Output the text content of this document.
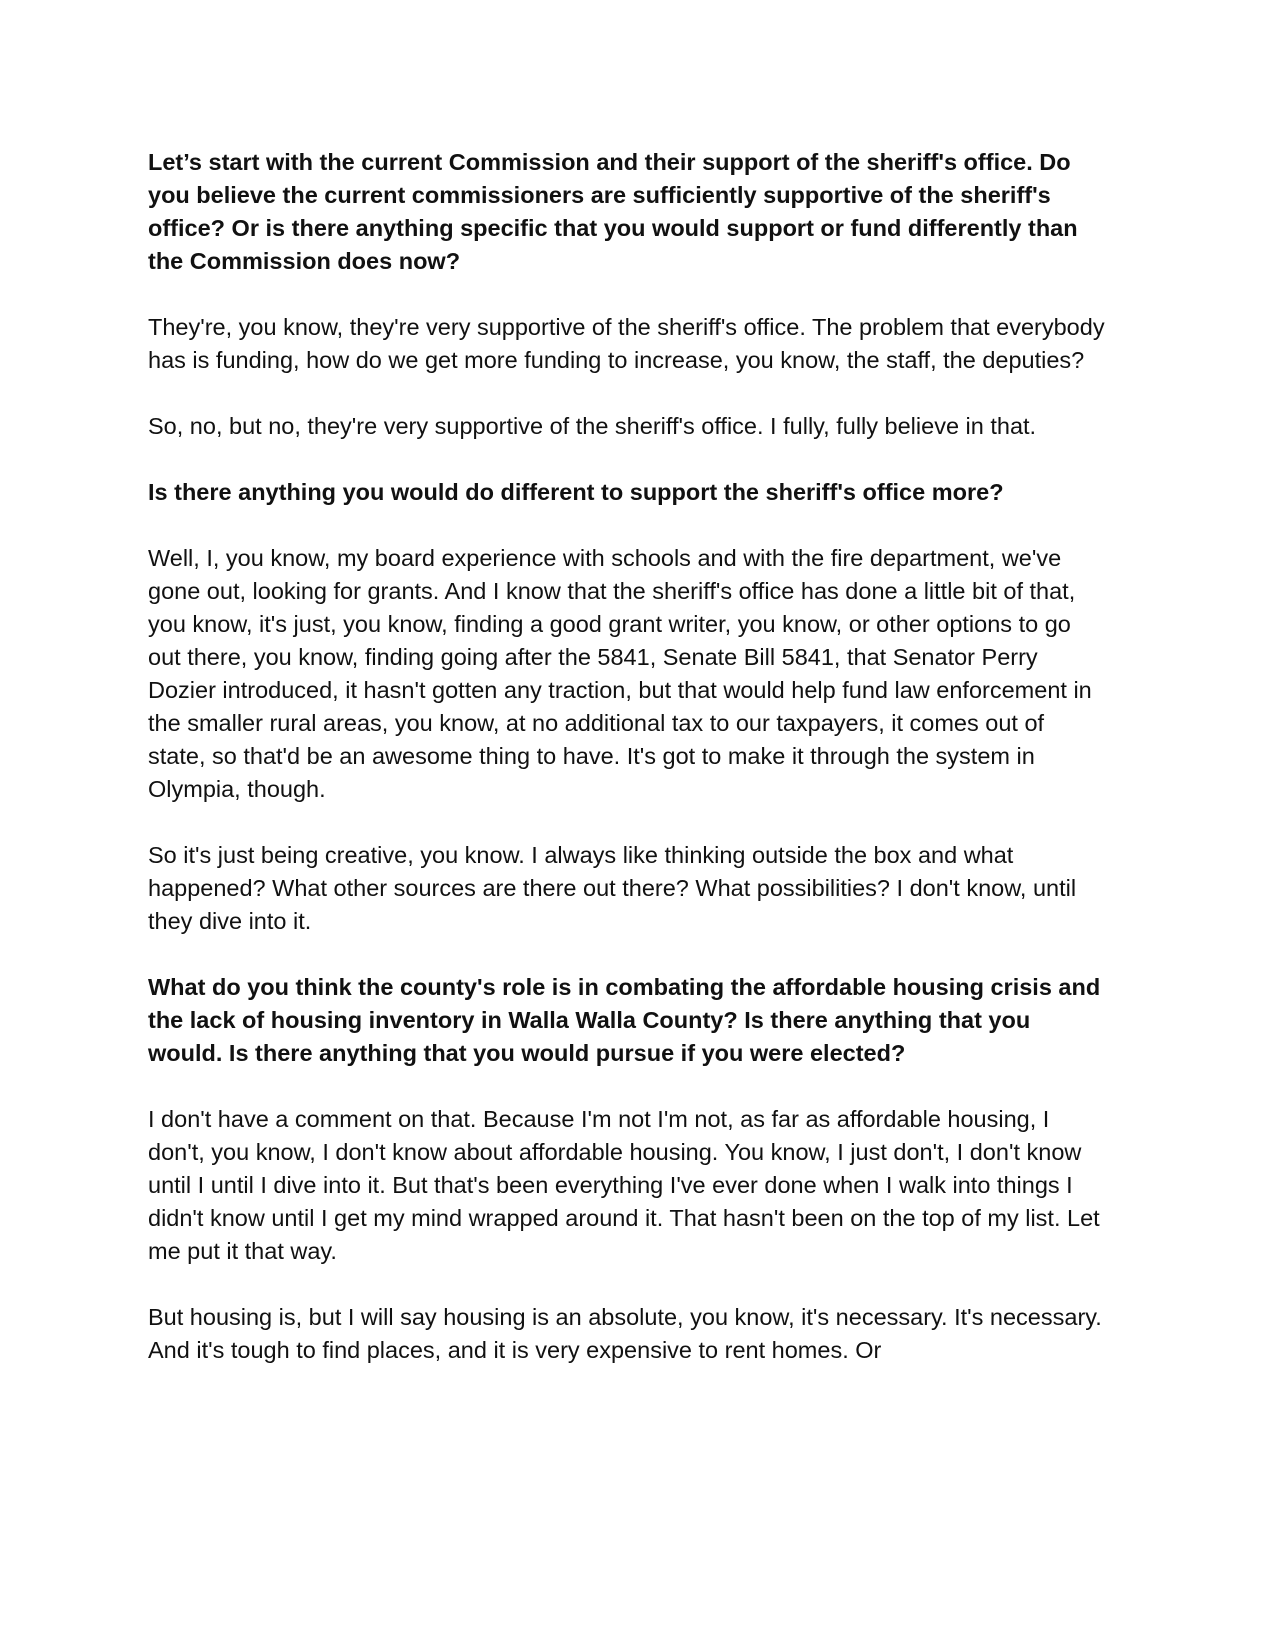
Let’s start with the current Commission and their support of the sheriff's office. Do you believe the current commissioners are sufficiently supportive of the sheriff's office? Or is there anything specific that you would support or fund differently than the Commission does now?

They're, you know, they're very supportive of the sheriff's office. The problem that everybody has is funding, how do we get more funding to increase, you know, the staff, the deputies?

So, no, but no, they're very supportive of the sheriff's office. I fully, fully believe in that.

Is there anything you would do different to support the sheriff's office more?

Well, I, you know, my board experience with schools and with the fire department, we've gone out, looking for grants. And I know that the sheriff's office has done a little bit of that, you know, it's just, you know, finding a good grant writer, you know, or other options to go out there, you know, finding going after the 5841, Senate Bill 5841, that Senator Perry Dozier introduced, it hasn't gotten any traction, but that would help fund law enforcement in the smaller rural areas, you know, at no additional tax to our taxpayers, it comes out of state, so that'd be an awesome thing to have. It's got to make it through the system in Olympia, though.

So it's just being creative, you know. I always like thinking outside the box and what happened? What other sources are there out there? What possibilities? I don't know, until they dive into it.

What do you think the county's role is in combating the affordable housing crisis and the lack of housing inventory in Walla Walla County? Is there anything that you would. Is there anything that you would pursue if you were elected?

I don't have a comment on that. Because I'm not I'm not, as far as affordable housing, I don't, you know, I don't know about affordable housing. You know, I just don't, I don't know until I until I dive into it. But that's been everything I've ever done when I walk into things I didn't know until I get my mind wrapped around it. That hasn't been on the top of my list. Let me put it that way.

But housing is, but I will say housing is an absolute, you know, it's necessary. It's necessary. And it's tough to find places, and it is very expensive to rent homes. Or
